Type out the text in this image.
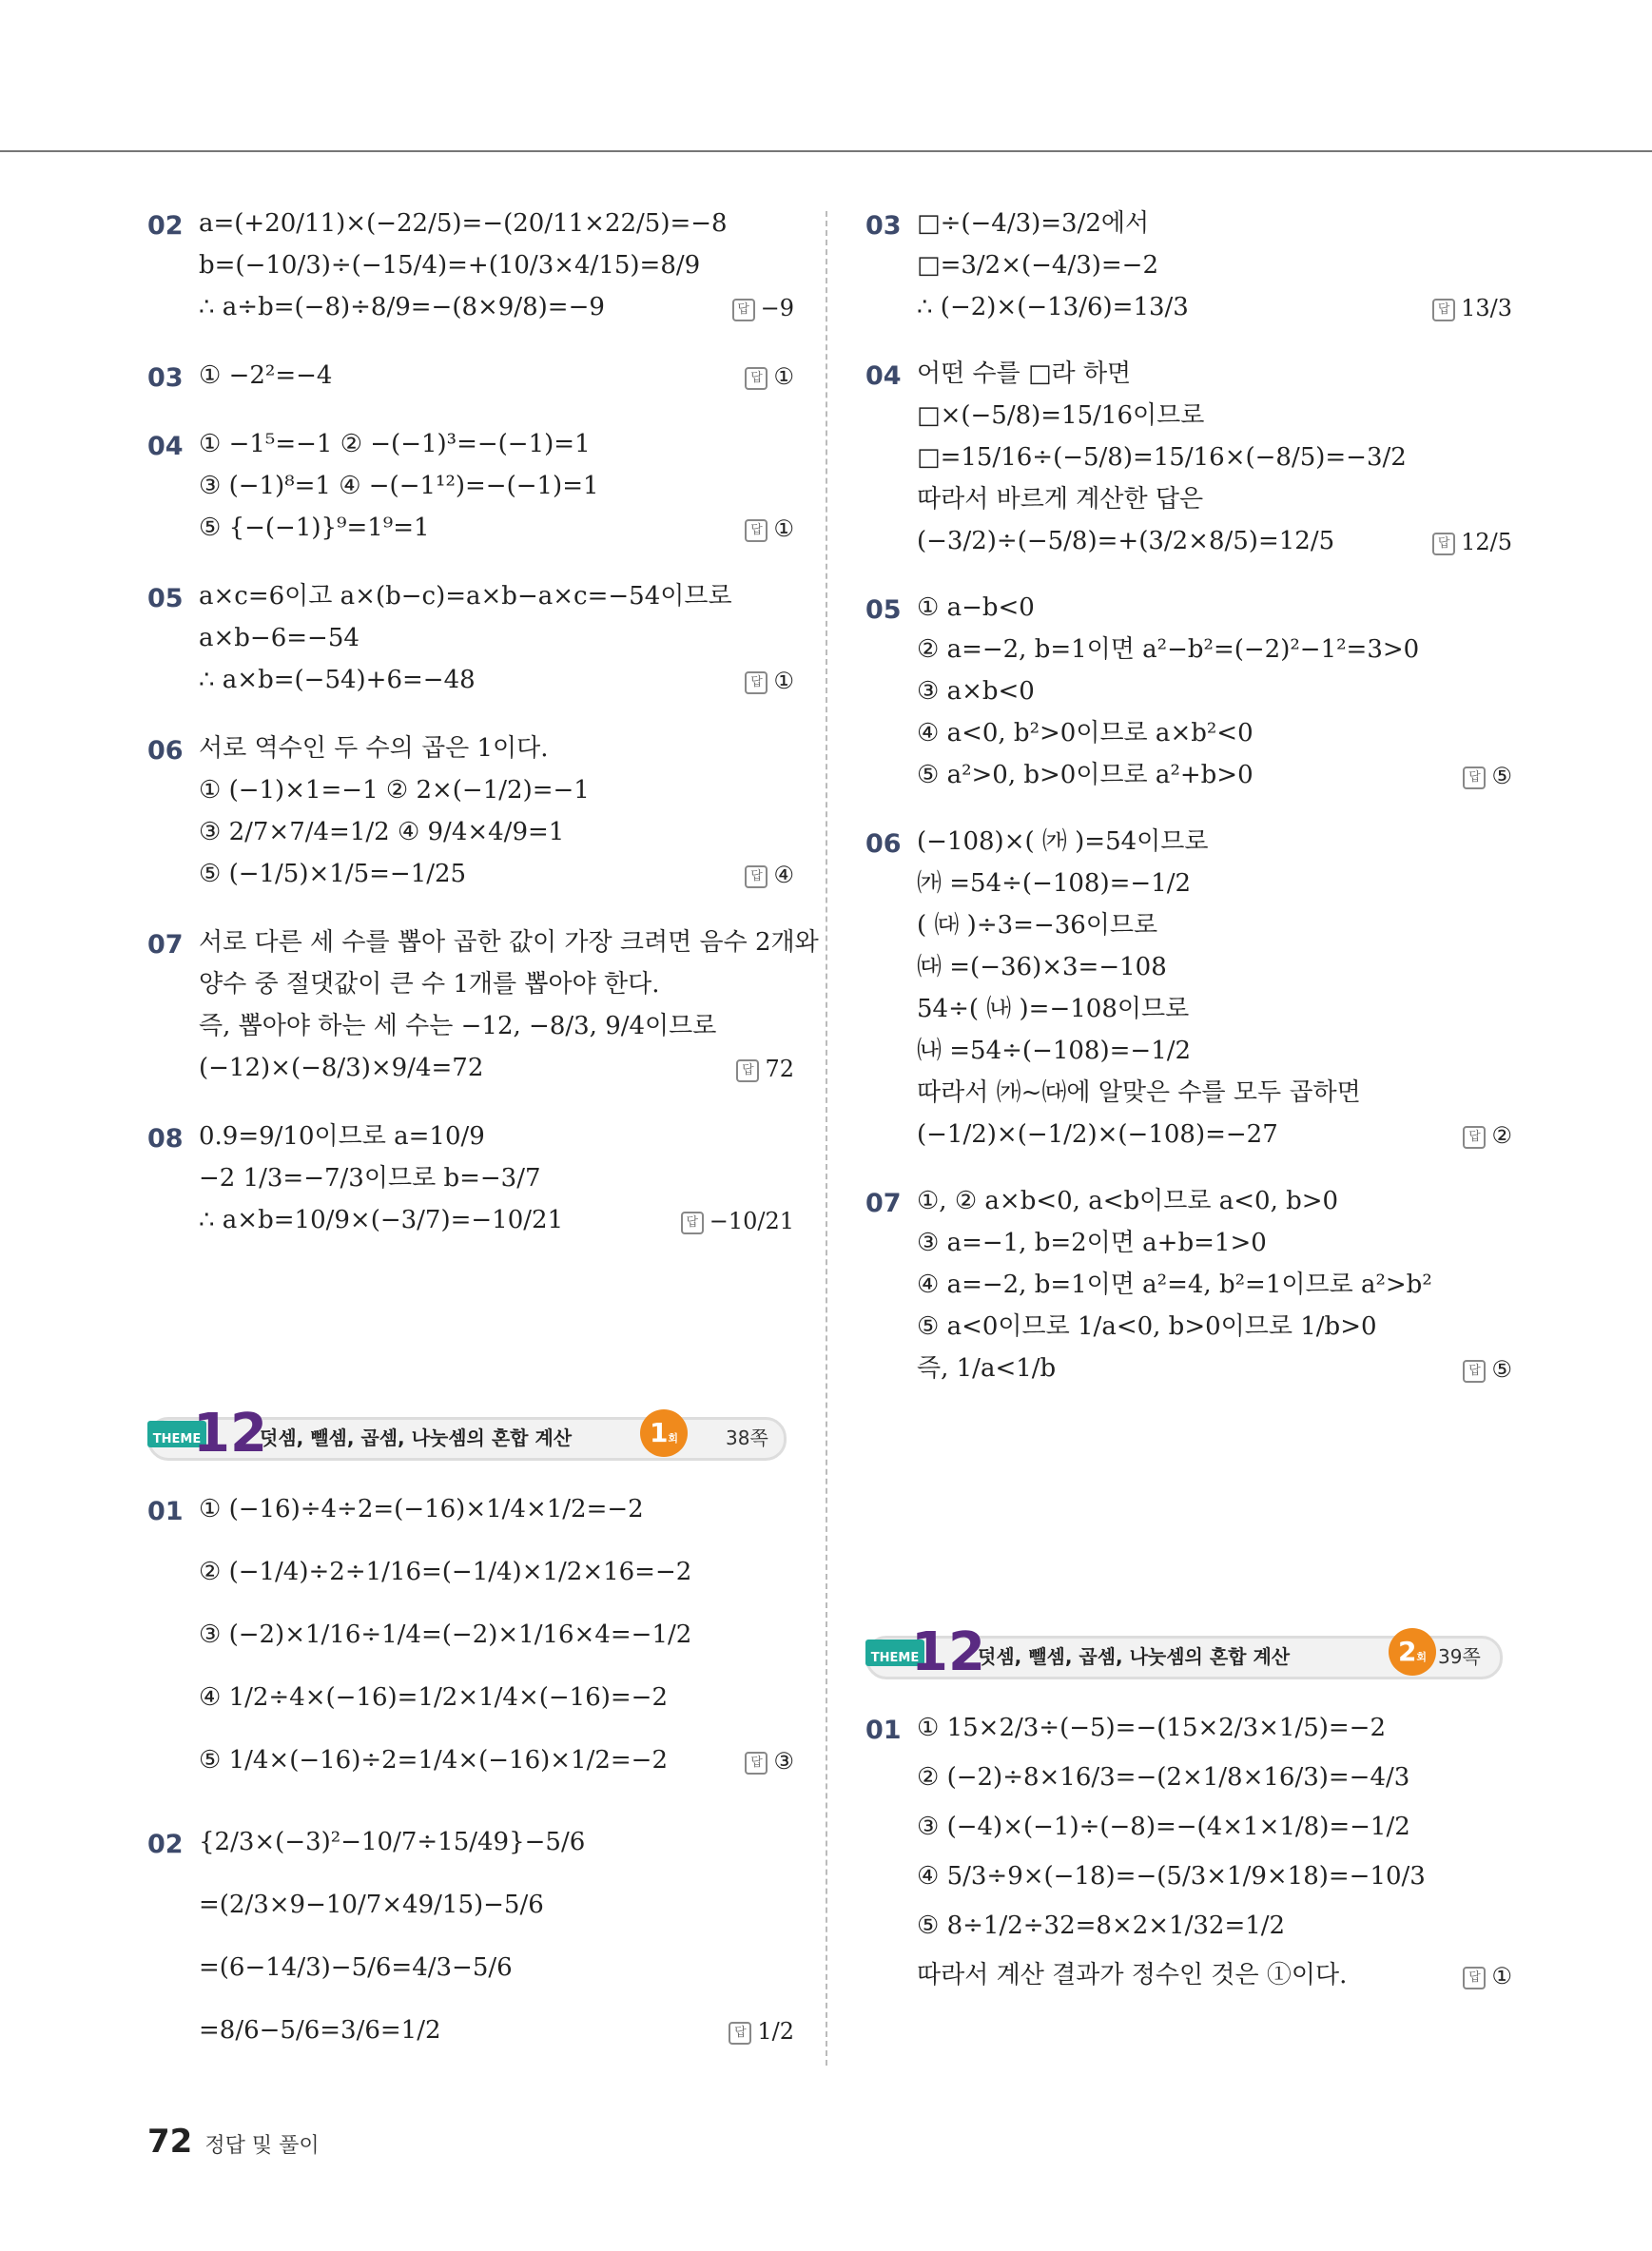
02 a=(+20/11)×(−22/5)=−(20/11×22/5)=−8
b=(−10/3)÷(−15/4)=+(10/3×4/15)=8/9
∴ a÷b=(−8)÷8/9=−(8×9/8)=−9	답 −9
03 ① −2²=−4	답 ①
04 ① −1⁵=−1 ② −(−1)³=−(−1)=1
③ (−1)⁸=1 ④ −(−1¹²)=−(−1)=1
⑤ {−(−1)}⁹=1⁹=1	답 ①
05 a×c=6이고 a×(b−c)=a×b−a×c=−54이므로
a×b−6=−54
∴ a×b=(−54)+6=−48	답 ①
06 서로 역수인 두 수의 곱은 1이다.
① (−1)×1=−1 ② 2×(−1/2)=−1
③ 2/7×7/4=1/2 ④ 9/4×4/9=1
⑤ (−1/5)×1/5=−1/25	답 ④
07 서로 다른 세 수를 뽑아 곱한 값이 가장 크려면 음수 2개와
양수 중 절댓값이 큰 수 1개를 뽑아야 한다.
즉, 뽑아야 하는 세 수는 −12, −8/3, 9/4이므로
(−12)×(−8/3)×9/4=72	답 72
08 0.9=9/10이므로 a=10/9
−2 1/3=−7/3이므로 b=−3/7
∴ a×b=10/9×(−3/7)=−10/21	답 −10/21
THEME
12
덧셈, 뺄셈, 곱셈, 나눗셈의 혼합 계산	1회	38쪽
01 ① (−16)÷4÷2=(−16)×1/4×1/2=−2
② (−1/4)÷2÷1/16=(−1/4)×1/2×16=−2
③ (−2)×1/16÷1/4=(−2)×1/16×4=−1/2
④ 1/2÷4×(−16)=1/2×1/4×(−16)=−2
⑤ 1/4×(−16)÷2=1/4×(−16)×1/2=−2	답 ③
02 {2/3×(−3)²−10/7÷15/49}−5/6
=(2/3×9−10/7×49/15)−5/6
=(6−14/3)−5/6=4/3−5/6
=8/6−5/6=3/6=1/2	답 1/2
03 □÷(−4/3)=3/2에서
□=3/2×(−4/3)=−2
∴ (−2)×(−13/6)=13/3	답 13/3
04 어떤 수를 □라 하면
□×(−5/8)=15/16이므로
□=15/16÷(−5/8)=15/16×(−8/5)=−3/2
따라서 바르게 계산한 답은
(−3/2)÷(−5/8)=+(3/2×8/5)=12/5	답 12/5
05 ① a−b<0
② a=−2, b=1이면 a²−b²=(−2)²−1²=3>0
③ a×b<0
④ a<0, b²>0이므로 a×b²<0
⑤ a²>0, b>0이므로 a²+b>0	답 ⑤
06 (−108)×( ㈎ )=54이므로
㈎ =54÷(−108)=−1/2
( ㈐ )÷3=−36이므로
㈐ =(−36)×3=−108
54÷( ㈏ )=−108이므로
㈏ =54÷(−108)=−1/2
따라서 ㈎~㈐에 알맞은 수를 모두 곱하면
(−1/2)×(−1/2)×(−108)=−27	답 ②
07 ①, ② a×b<0, a<b이므로 a<0, b>0
③ a=−1, b=2이면 a+b=1>0
④ a=−2, b=1이면 a²=4, b²=1이므로 a²>b²
⑤ a<0이므로 1/a<0, b>0이므로 1/b>0
즉, 1/a<1/b	답 ⑤
THEME
12
덧셈, 뺄셈, 곱셈, 나눗셈의 혼합 계산	2회 39쪽
01 ① 15×2/3÷(−5)=−(15×2/3×1/5)=−2
② (−2)÷8×16/3=−(2×1/8×16/3)=−4/3
③ (−4)×(−1)÷(−8)=−(4×1×1/8)=−1/2
④ 5/3÷9×(−18)=−(5/3×1/9×18)=−10/3
⑤ 8÷1/2÷32=8×2×1/32=1/2
따라서 계산 결과가 정수인 것은 ①이다.	답 ①
72 정답 및 풀이
